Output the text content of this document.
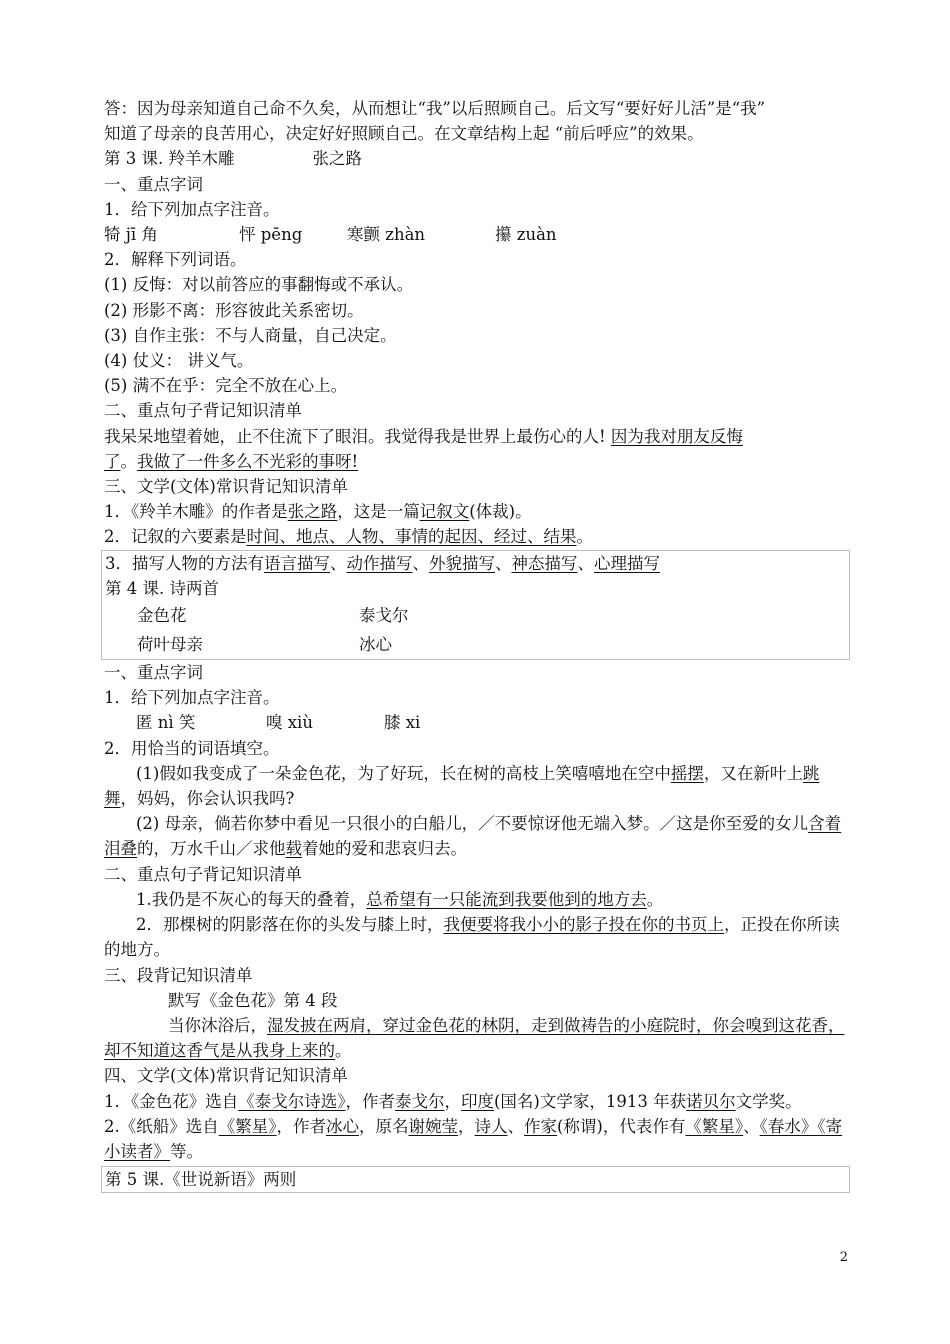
答：因为母亲知道自己命不久矣，从而想让“我”以后照顾自己。后文写“要好好儿活”是“我”
知道了母亲的良苦用心，决定好好照顾自己。在文章结构上起 “前后呼应”的效果。
第 3 课. 羚羊木雕	张之路
一、重点字词
1．给下列加点字注音。
犄 jī 角	怦 pēng	寒颤 zhàn	攥 zuàn
2．解释下列词语。
(1) 反悔：对以前答应的事翻悔或不承认。
(2) 形影不离：形容彼此关系密切。
(3) 自作主张：不与人商量，自己决定。
(4) 仗义： 讲义气。
(5) 满不在乎：完全不放在心上。
二、重点句子背记知识清单
我呆呆地望着她，止不住流下了眼泪。我觉得我是世界上最伤心的人! 因为我对朋友反悔
了。我做了一件多么不光彩的事呀!
三、文学(文体)常识背记知识清单
1．《羚羊木雕》的作者是张之路，这是一篇记叙文(体裁)。
2．记叙的六要素是时间、地点、人物、事情的起因、经过、结果。
3．描写人物的方法有语言描写、动作描写、外貌描写、神态描写、心理描写
第 4 课. 诗两首
金色花	泰戈尔
荷叶母亲	冰心
一、重点字词
1．给下列加点字注音。
匿 nì 笑	嗅 xiù	膝 xi
2．用恰当的词语填空。
(1)假如我变成了一朵金色花，为了好玩，长在树的高枝上笑嘻嘻地在空中摇摆，又在新叶上跳舞，妈妈，你会认识我吗?
(2) 母亲，倘若你梦中看见一只很小的白船儿，／不要惊讶他无端入梦。／这是你至爱的女儿含着泪叠的，万水千山／求他载着她的爱和悲哀归去。
二、重点句子背记知识清单
1.我仍是不灰心的每天的叠着，总希望有一只能流到我要他到的地方去。
2．那棵树的阴影落在你的头发与膝上时，我便要将我小小的影子投在你的书页上，正投在你所读的地方。
三、段背记知识清单
默写《金色花》第 4 段
当你沐浴后，湿发披在两肩，穿过金色花的林阴，走到做祷告的小庭院时，你会嗅到这花香，却不知道这香气是从我身上来的。
四、文学(文体)常识背记知识清单
1．《金色花》选自《泰戈尔诗选》，作者泰戈尔，印度(国名)文学家，1913 年获诺贝尔文学奖。
2.《纸船》选自《繁星》，作者冰心，原名谢婉莹，诗人、作家(称谓)，代表作有《繁星》、《春水》《寄小读者》等。
第 5 课.《世说新语》两则
2
